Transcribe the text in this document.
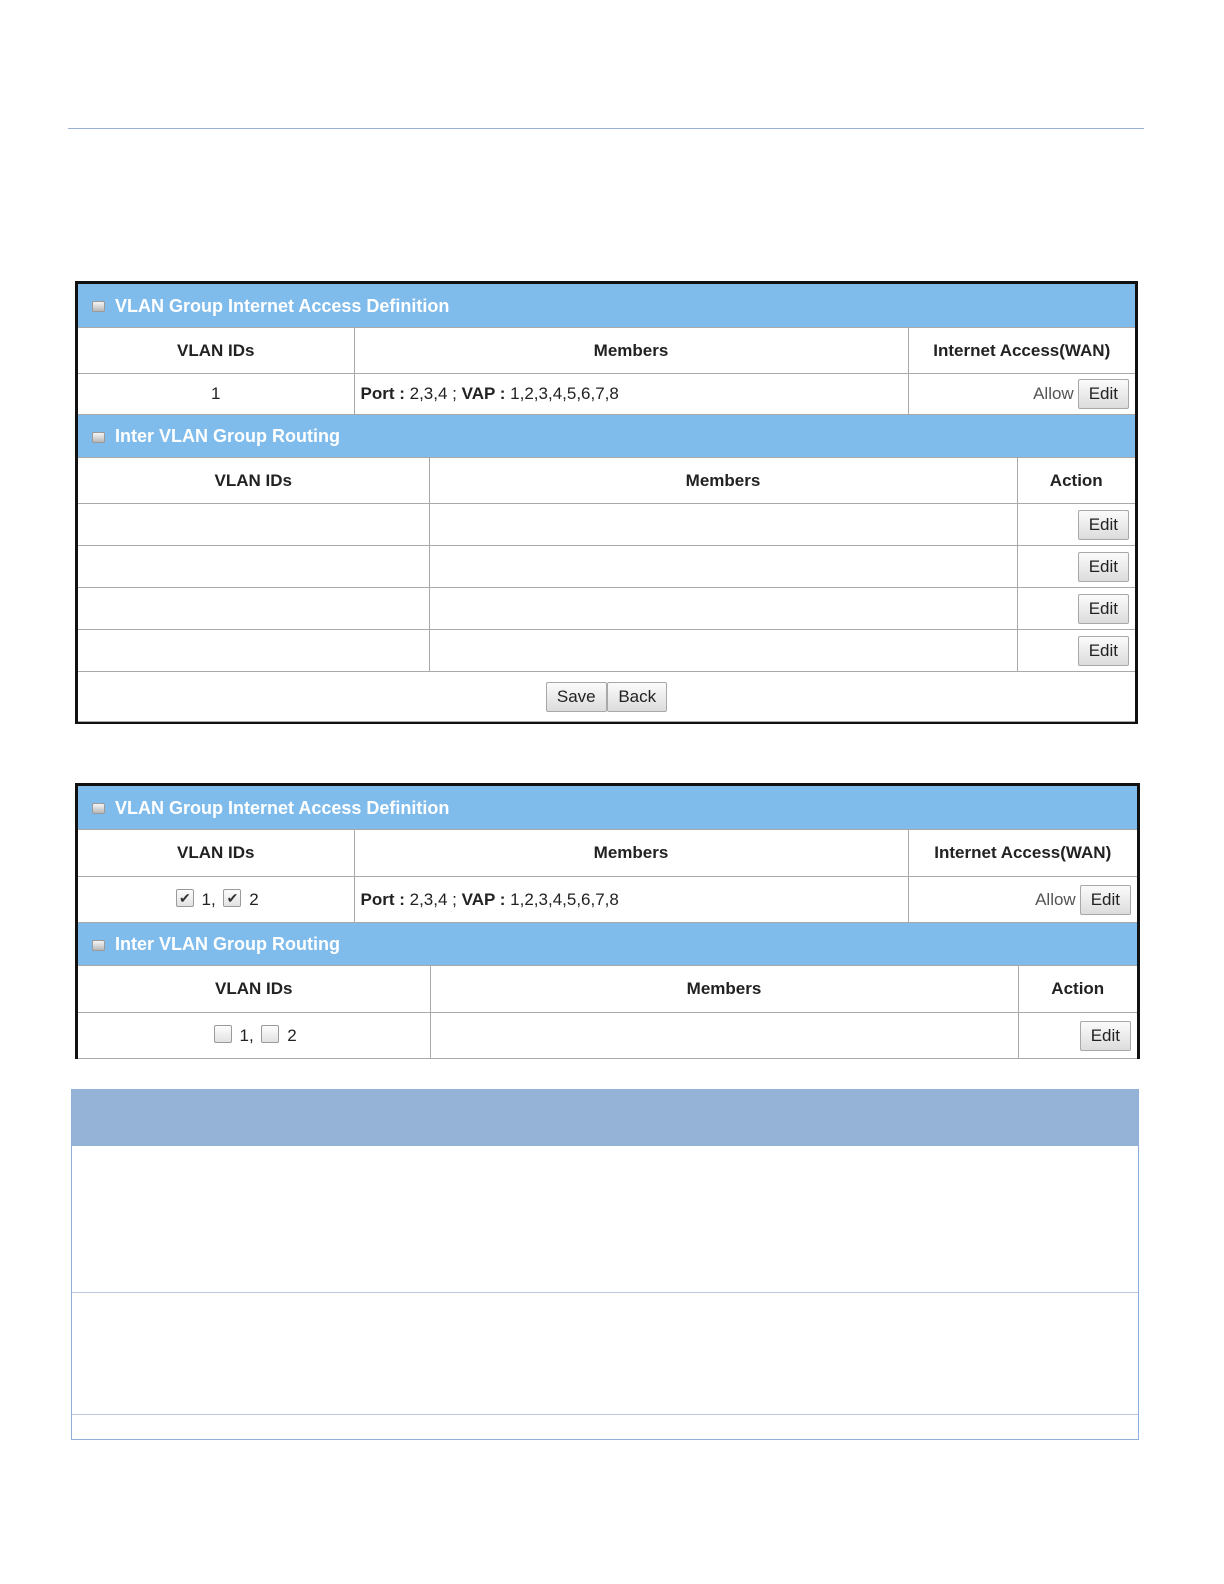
VLAN Group Internet Access Definition		
VLAN IDs	Members	Internet Access(WAN)
1	Port : 2,3,4 ; VAP : 1,2,3,4,5,6,7,8	Allow Edit
Inter VLAN Group Routing		
VLAN IDs	Members	Action
		Edit
		Edit
		Edit
		Edit
Save Back		
VLAN Group Internet Access Definition		
VLAN IDs	Members	Internet Access(WAN)
✔ 1, ✔ 2	Port : 2,3,4 ; VAP : 1,2,3,4,5,6,7,8	Allow Edit
Inter VLAN Group Routing		
VLAN IDs	Members	Action
1, 2		Edit
